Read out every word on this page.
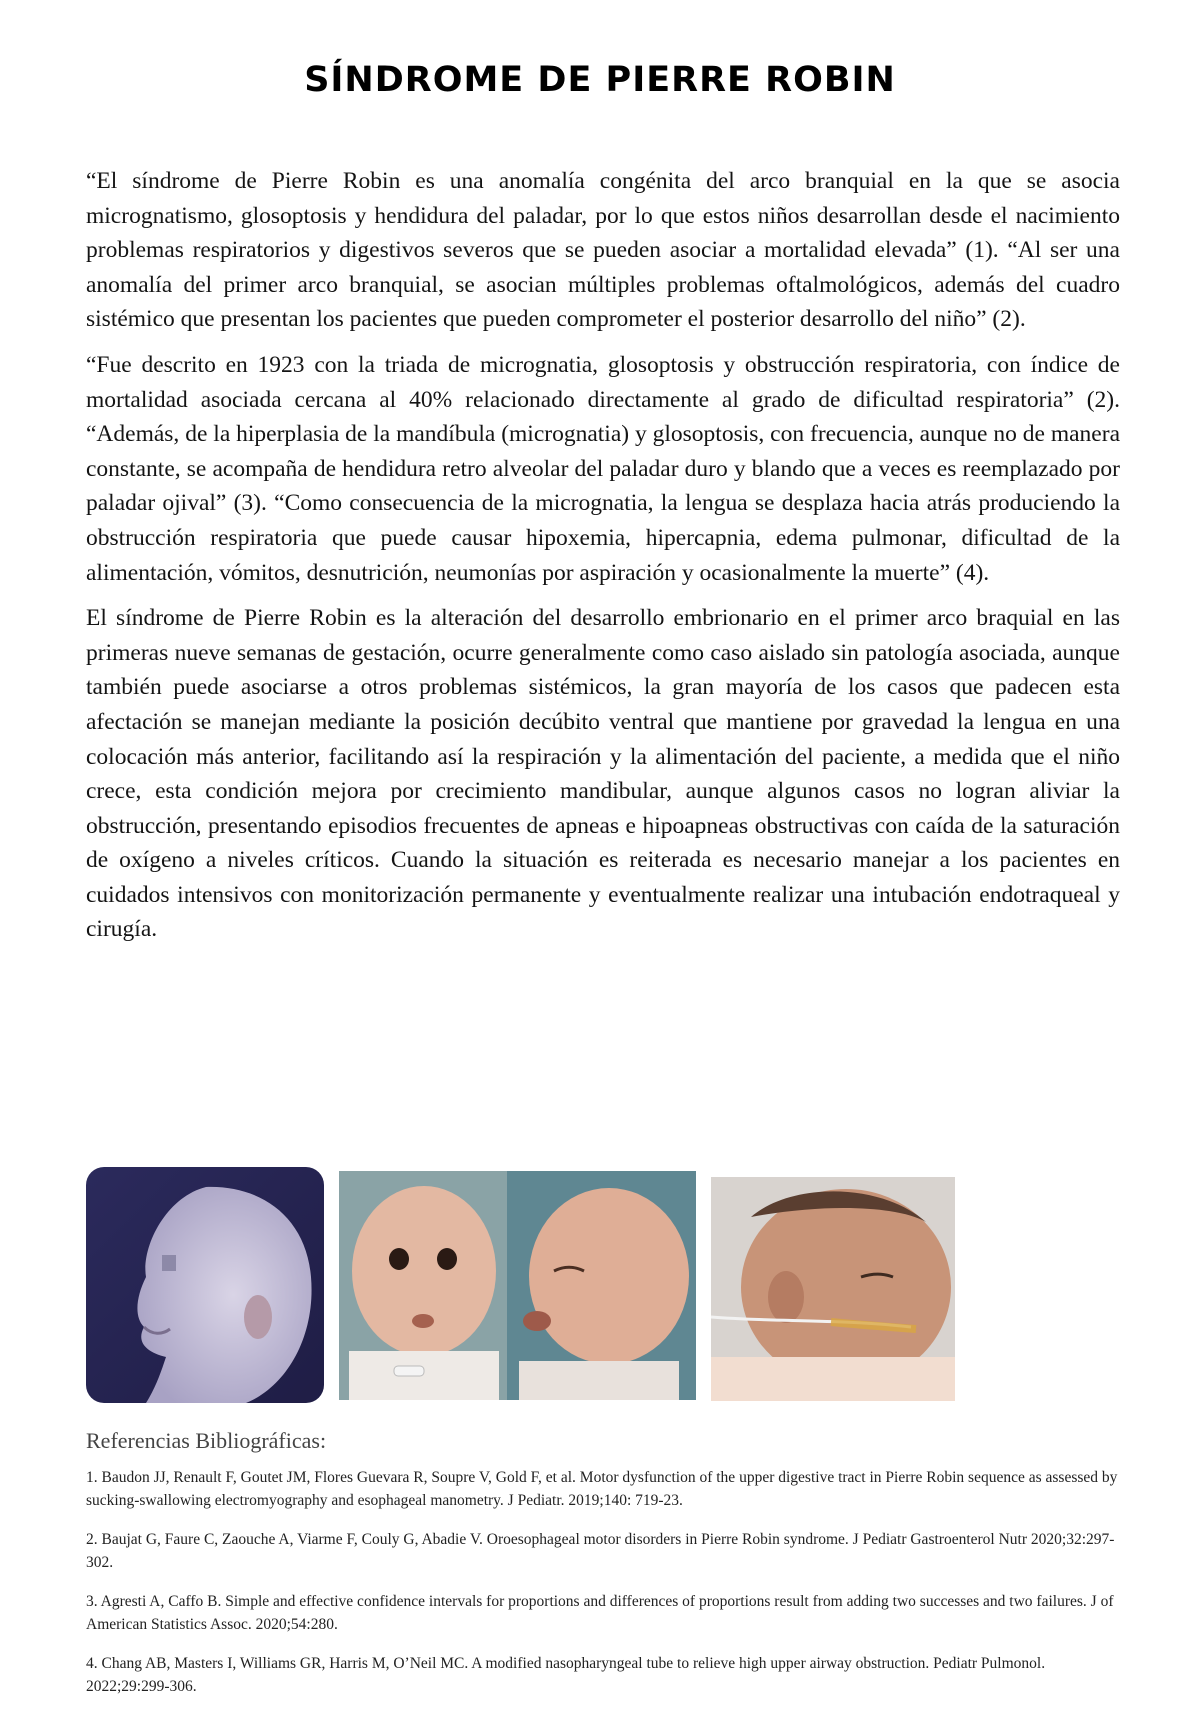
SÍNDROME DE PIERRE ROBIN

“El síndrome de Pierre Robin es una anomalía congénita del arco branquial en la que se asocia micrognatismo, glosoptosis y hendidura del paladar, por lo que estos niños desarrollan desde el nacimiento problemas respiratorios y digestivos severos que se pueden asociar a mortalidad elevada” (1). “Al ser una anomalía del primer arco branquial, se asocian múltiples problemas oftalmológicos, además del cuadro sistémico que presentan los pacientes que pueden comprometer el posterior desarrollo del niño” (2).

“Fue descrito en 1923 con la triada de micrognatia, glosoptosis y obstrucción respiratoria, con índice de mortalidad asociada cercana al 40% relacionado directamente al grado de dificultad respiratoria” (2). “Además, de la hiperplasia de la mandíbula (micrognatia) y glosoptosis, con frecuencia, aunque no de manera constante, se acompaña de hendidura retro alveolar del paladar duro y blando que a veces es reemplazado por paladar ojival” (3). “Como consecuencia de la micrognatia, la lengua se desplaza hacia atrás produciendo la obstrucción respiratoria que puede causar hipoxemia, hipercapnia, edema pulmonar, dificultad de la alimentación, vómitos, desnutrición, neumonías por aspiración y ocasionalmente la muerte” (4).

El síndrome de Pierre Robin es la alteración del desarrollo embrionario en el primer arco braquial en las primeras nueve semanas de gestación, ocurre generalmente como caso aislado sin patología asociada, aunque también puede asociarse a otros problemas sistémicos, la gran mayoría de los casos que padecen esta afectación se manejan mediante la posición decúbito ventral que mantiene por gravedad la lengua en una colocación más anterior, facilitando así la respiración y la alimentación del paciente, a medida que el niño crece, esta condición mejora por crecimiento mandibular, aunque algunos casos no logran aliviar la obstrucción, presentando episodios frecuentes de apneas e hipoapneas obstructivas con caída de la saturación de oxígeno a niveles críticos. Cuando la situación es reiterada es necesario manejar a los pacientes en cuidados intensivos con monitorización permanente y eventualmente realizar una intubación endotraqueal y cirugía.

Referencias Bibliográficas:

1. Baudon JJ, Renault F, Goutet JM, Flores Guevara R, Soupre V, Gold F, et al. Motor dysfunction of the upper digestive tract in Pierre Robin sequence as assessed by sucking-swallowing electromyography and esophageal manometry. J Pediatr. 2019;140: 719-23.

2. Baujat G, Faure C, Zaouche A, Viarme F, Couly G, Abadie V. Oroesophageal motor disorders in Pierre Robin syndrome. J Pediatr Gastroenterol Nutr 2020;32:297-302.

3. Agresti A, Caffo B. Simple and effective confidence intervals for proportions and differences of proportions result from adding two successes and two failures. J of American Statistics Assoc. 2020;54:280.

4. Chang AB, Masters I, Williams GR, Harris M, O’Neil MC. A modified nasopharyngeal tube to relieve high upper airway obstruction. Pediatr Pulmonol. 2022;29:299-306.
